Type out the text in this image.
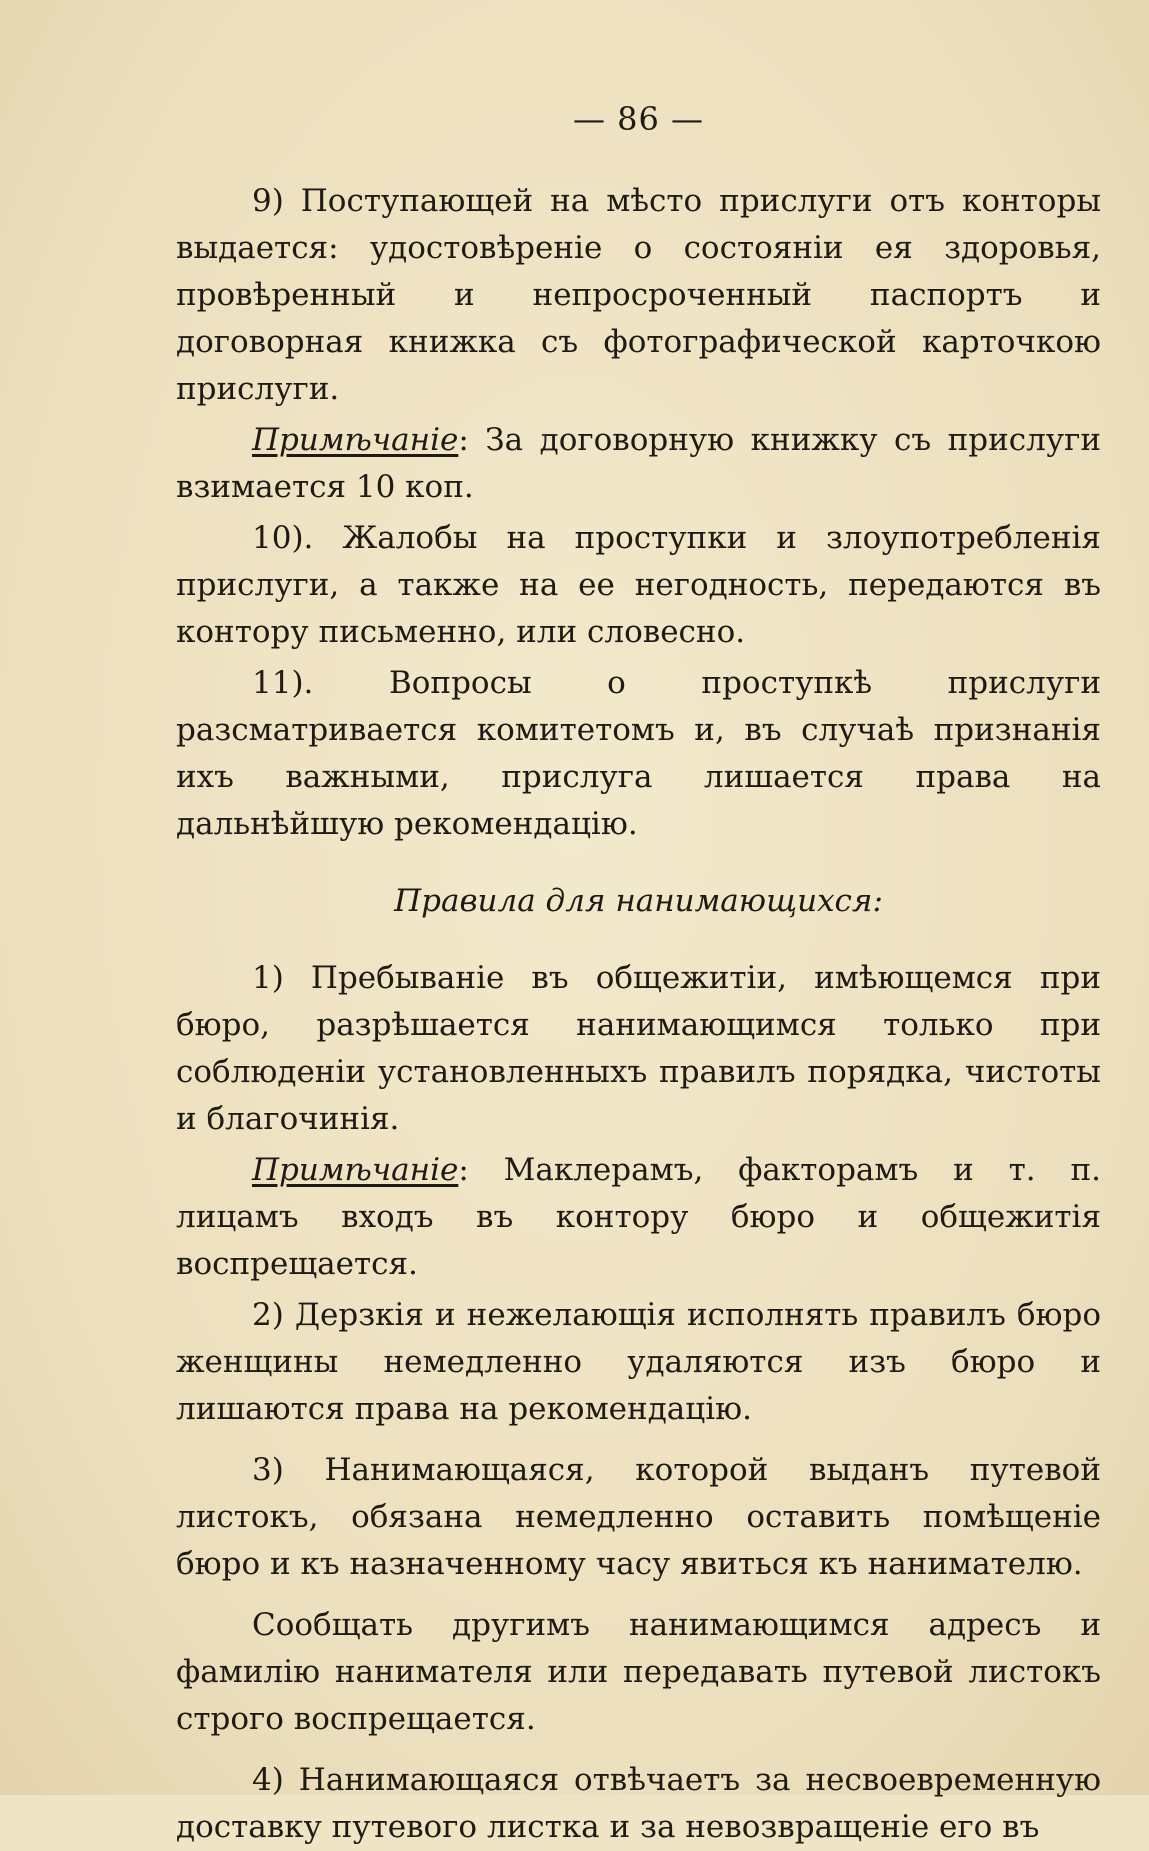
— 86 —

9) Поступающей на мѣсто прислуги отъ конторы выдается: удостовѣреніе о состояніи ея здоровья, провѣренный и непросроченный паспортъ и договорная книжка съ фотографической карточкою прислуги.

Примѣчаніе: За договорную книжку съ прислуги взимается 10 коп.

10). Жалобы на проступки и злоупотребленія прислуги, а также на ее негодность, передаются въ контору письменно, или словесно.

11). Вопросы о проступкѣ прислуги разсматривается комитетомъ и, въ случаѣ признанія ихъ важными, прислуга лишается права на дальнѣйшую рекомендацію.

Правила для нанимающихся:

1) Пребываніе въ общежитіи, имѣющемся при бюро, разрѣшается нанимающимся только при соблюденіи установленныхъ правилъ порядка, чистоты и благочинія.

Примѣчаніе: Маклерамъ, факторамъ и т. п. лицамъ входъ въ контору бюро и общежитія воспрещается.

2) Дерзкія и нежелающія исполнять правилъ бюро женщины немедленно удаляются изъ бюро и лишаются права на рекомендацію.

3) Нанимающаяся, которой выданъ путевой листокъ, обязана немедленно оставить помѣщеніе бюро и къ назначенному часу явиться къ нанимателю.

Сообщать другимъ нанимающимся адресъ и фамилію нанимателя или передавать путевой листокъ строго воспрещается.

4) Нанимающаяся отвѣчаетъ за несвоевременную доставку путевого листка и за невозвращеніе его въ
